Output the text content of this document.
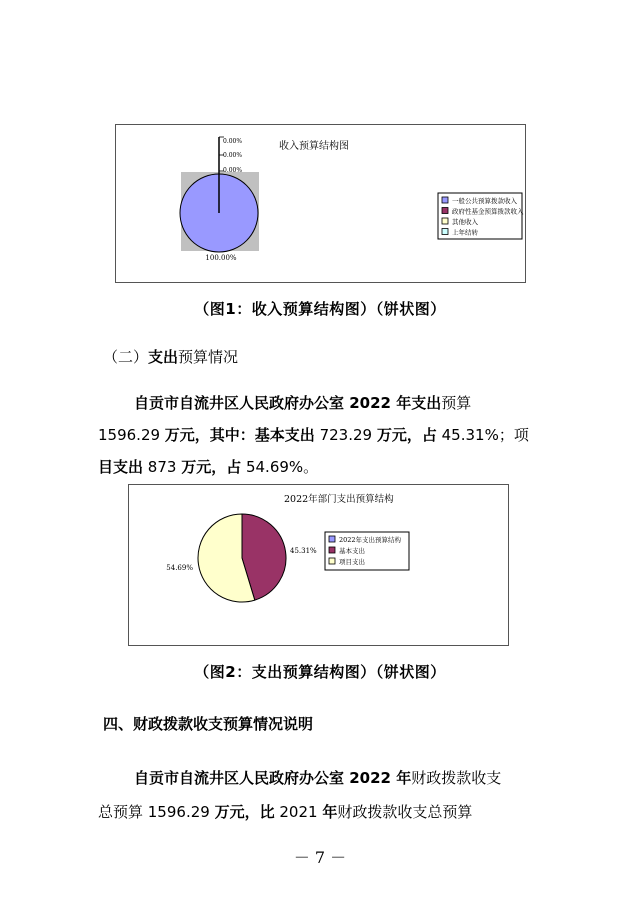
收入预算结构图
0.00%
0.00%
0.00%
100.00%
一般公共预算拨款收入
政府性基金预算拨款收入
其他收入
上年结转
（图1：收入预算结构图）（饼状图）
（二）支出预算情况
自贡市自流井区人民政府办公室 2022 年支出预算
1596.29 万元，其中：基本支出 723.29 万元，占 45.31%；项
目支出 873 万元，占 54.69%。
2022年部门支出预算结构
45.31%
54.69%
2022年支出预算结构
基本支出
项目支出
（图2：支出预算结构图）（饼状图）
四、财政拨款收支预算情况说明
自贡市自流井区人民政府办公室 2022 年财政拨款收支
总预算 1596.29 万元，比 2021 年财政拨款收支总预算
－ 7 －
